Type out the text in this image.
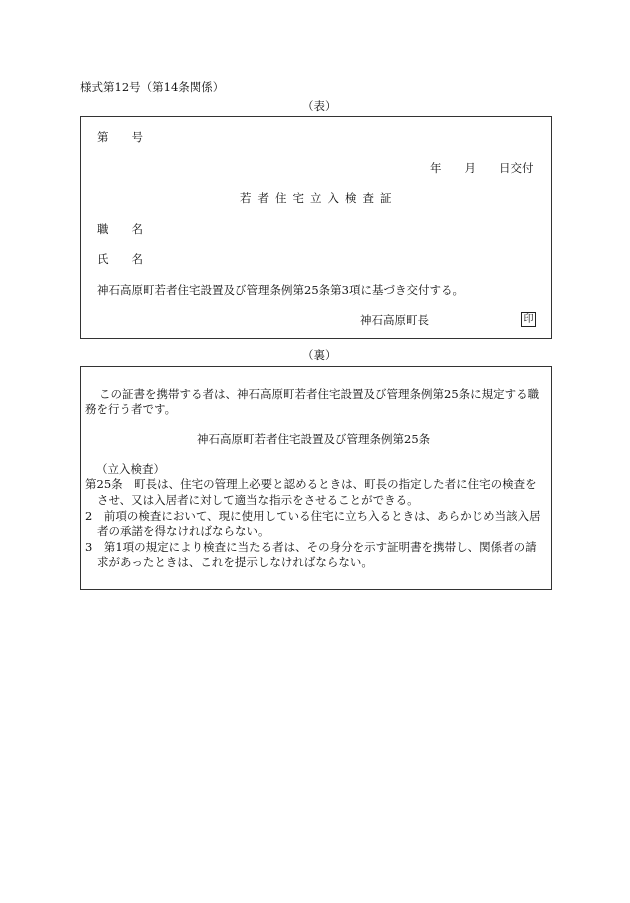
様式第12号（第14条関係）
（表）
第　　号
年　　月　　日交付
若者住宅立入検査証
職　　名
氏　　名
神石高原町若者住宅設置及び管理条例第25条第3項に基づき交付する。
神石高原町長	印
（裏）
この証書を携帯する者は、神石高原町若者住宅設置及び管理条例第25条に規定する職
務を行う者です。
神石高原町若者住宅設置及び管理条例第25条
（立入検査）
第25条　町長は、住宅の管理上必要と認めるときは、町長の指定した者に住宅の検査を
させ、又は入居者に対して適当な指示をさせることができる。
2　前項の検査において、現に使用している住宅に立ち入るときは、あらかじめ当該入居
者の承諾を得なければならない。
3　第1項の規定により検査に当たる者は、その身分を示す証明書を携帯し、関係者の請
求があったときは、これを提示しなければならない。
